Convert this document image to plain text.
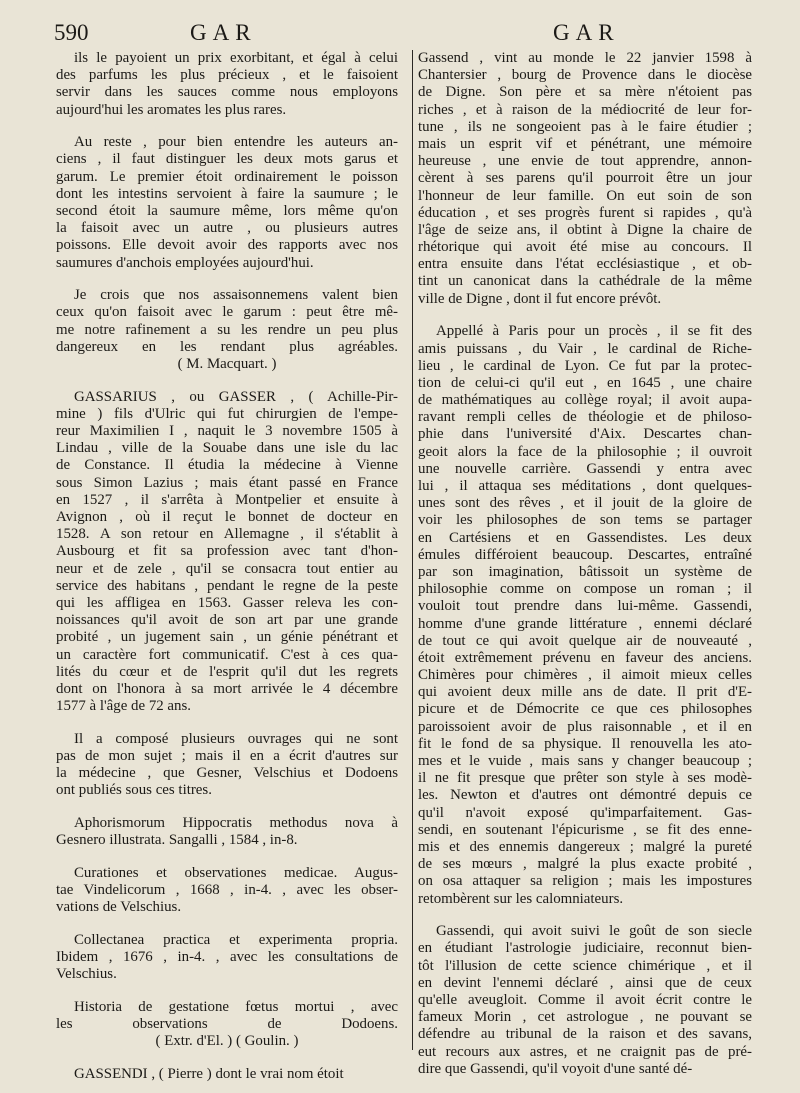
590	GAR	GAR
ils le payoient un prix exorbitant, et égal à celui
des parfums les plus précieux , et le faisoient
servir dans les sauces comme nous employons
aujourd'hui les aromates les plus rares.
Au reste , pour bien entendre les auteurs an-
ciens , il faut distinguer les deux mots garus et
garum. Le premier étoit ordinairement le poisson
dont les intestins servoient à faire la saumure ; le
second étoit la saumure même, lors même qu'on
la faisoit avec un autre , ou plusieurs autres
poissons. Elle devoit avoir des rapports avec nos
saumures d'anchois employées aujourd'hui.
Je crois que nos assaisonnemens valent bien
ceux qu'on faisoit avec le garum : peut être mê-
me notre rafinement a su les rendre un peu plus
dangereux en les rendant plus agréables.
( M. Macquart. )
GASSARIUS , ou GASSER , ( Achille-Pir-
mine ) fils d'Ulric qui fut chirurgien de l'empe-
reur Maximilien I , naquit le 3 novembre 1505 à
Lindau , ville de la Souabe dans une isle du lac
de Constance. Il étudia la médecine à Vienne
sous Simon Lazius ; mais étant passé en France
en 1527 , il s'arrêta à Montpelier et ensuite à
Avignon , où il reçut le bonnet de docteur en
1528. A son retour en Allemagne , il s'établit à
Ausbourg et fit sa profession avec tant d'hon-
neur et de zele , qu'il se consacra tout entier au
service des habitans , pendant le regne de la peste
qui les affligea en 1563. Gasser releva les con-
noissances qu'il avoit de son art par une grande
probité , un jugement sain , un génie pénétrant et
un caractère fort communicatif. C'est à ces qua-
lités du cœur et de l'esprit qu'il dut les regrets
dont on l'honora à sa mort arrivée le 4 décembre
1577 à l'âge de 72 ans.
Il a composé plusieurs ouvrages qui ne sont
pas de mon sujet ; mais il en a écrit d'autres sur
la médecine , que Gesner, Velschius et Dodoens
ont publiés sous ces titres.
Aphorismorum Hippocratis methodus nova à
Gesnero illustrata. Sangalli , 1584 , in-8.
Curationes et observationes medicae. Augus-
tae Vindelicorum , 1668 , in-4. , avec les obser-
vations de Velschius.
Collectanea practica et experimenta propria.
Ibidem , 1676 , in-4. , avec les consultations de
Velschius.
Historia de gestatione fœtus mortui , avec
les observations de Dodoens.
( Extr. d'El. ) ( Goulin. )
GASSENDI , ( Pierre ) dont le vrai nom étoit
Gassend , vint au monde le 22 janvier 1598 à
Chantersier , bourg de Provence dans le diocèse
de Digne. Son père et sa mère n'étoient pas
riches , et à raison de la médiocrité de leur for-
tune , ils ne songeoient pas à le faire étudier ;
mais un esprit vif et pénétrant, une mémoire
heureuse , une envie de tout apprendre, annon-
cèrent à ses parens qu'il pourroit être un jour
l'honneur de leur famille. On eut soin de son
éducation , et ses progrès furent si rapides , qu'à
l'âge de seize ans, il obtint à Digne la chaire de
rhétorique qui avoit été mise au concours. Il
entra ensuite dans l'état ecclésiastique , et ob-
tint un canonicat dans la cathédrale de la même
ville de Digne , dont il fut encore prévôt.
Appellé à Paris pour un procès , il se fit des
amis puissans , du Vair , le cardinal de Riche-
lieu , le cardinal de Lyon. Ce fut par la protec-
tion de celui-ci qu'il eut , en 1645 , une chaire
de mathématiques au collège royal; il avoit aupa-
ravant rempli celles de théologie et de philoso-
phie dans l'université d'Aix. Descartes chan-
geoit alors la face de la philosophie ; il ouvroit
une nouvelle carrière. Gassendi y entra avec
lui , il attaqua ses méditations , dont quelques-
unes sont des rêves , et il jouit de la gloire de
voir les philosophes de son tems se partager
en Cartésiens et en Gassendistes. Les deux
émules différoient beaucoup. Descartes, entraîné
par son imagination, bâtissoit un système de
philosophie comme on compose un roman ; il
vouloit tout prendre dans lui-même. Gassendi,
homme d'une grande littérature , ennemi déclaré
de tout ce qui avoit quelque air de nouveauté ,
étoit extrêmement prévenu en faveur des anciens.
Chimères pour chimères , il aimoit mieux celles
qui avoient deux mille ans de date. Il prit d'E-
picure et de Démocrite ce que ces philosophes
paroissoient avoir de plus raisonnable , et il en
fit le fond de sa physique. Il renouvella les ato-
mes et le vuide , mais sans y changer beaucoup ;
il ne fit presque que prêter son style à ses modè-
les. Newton et d'autres ont démontré depuis ce
qu'il n'avoit exposé qu'imparfaitement. Gas-
sendi, en soutenant l'épicurisme , se fit des enne-
mis et des ennemis dangereux ; malgré la pureté
de ses mœurs , malgré la plus exacte probité ,
on osa attaquer sa religion ; mais les impostures
retombèrent sur les calomniateurs.
Gassendi, qui avoit suivi le goût de son siecle
en étudiant l'astrologie judiciaire, reconnut bien-
tôt l'illusion de cette science chimérique , et il
en devint l'ennemi déclaré , ainsi que de ceux
qu'elle aveugloit. Comme il avoit écrit contre le
fameux Morin , cet astrologue , ne pouvant se
défendre au tribunal de la raison et des savans,
eut recours aux astres, et ne craignit pas de pré-
dire que Gassendi, qu'il voyoit d'une santé dé-
